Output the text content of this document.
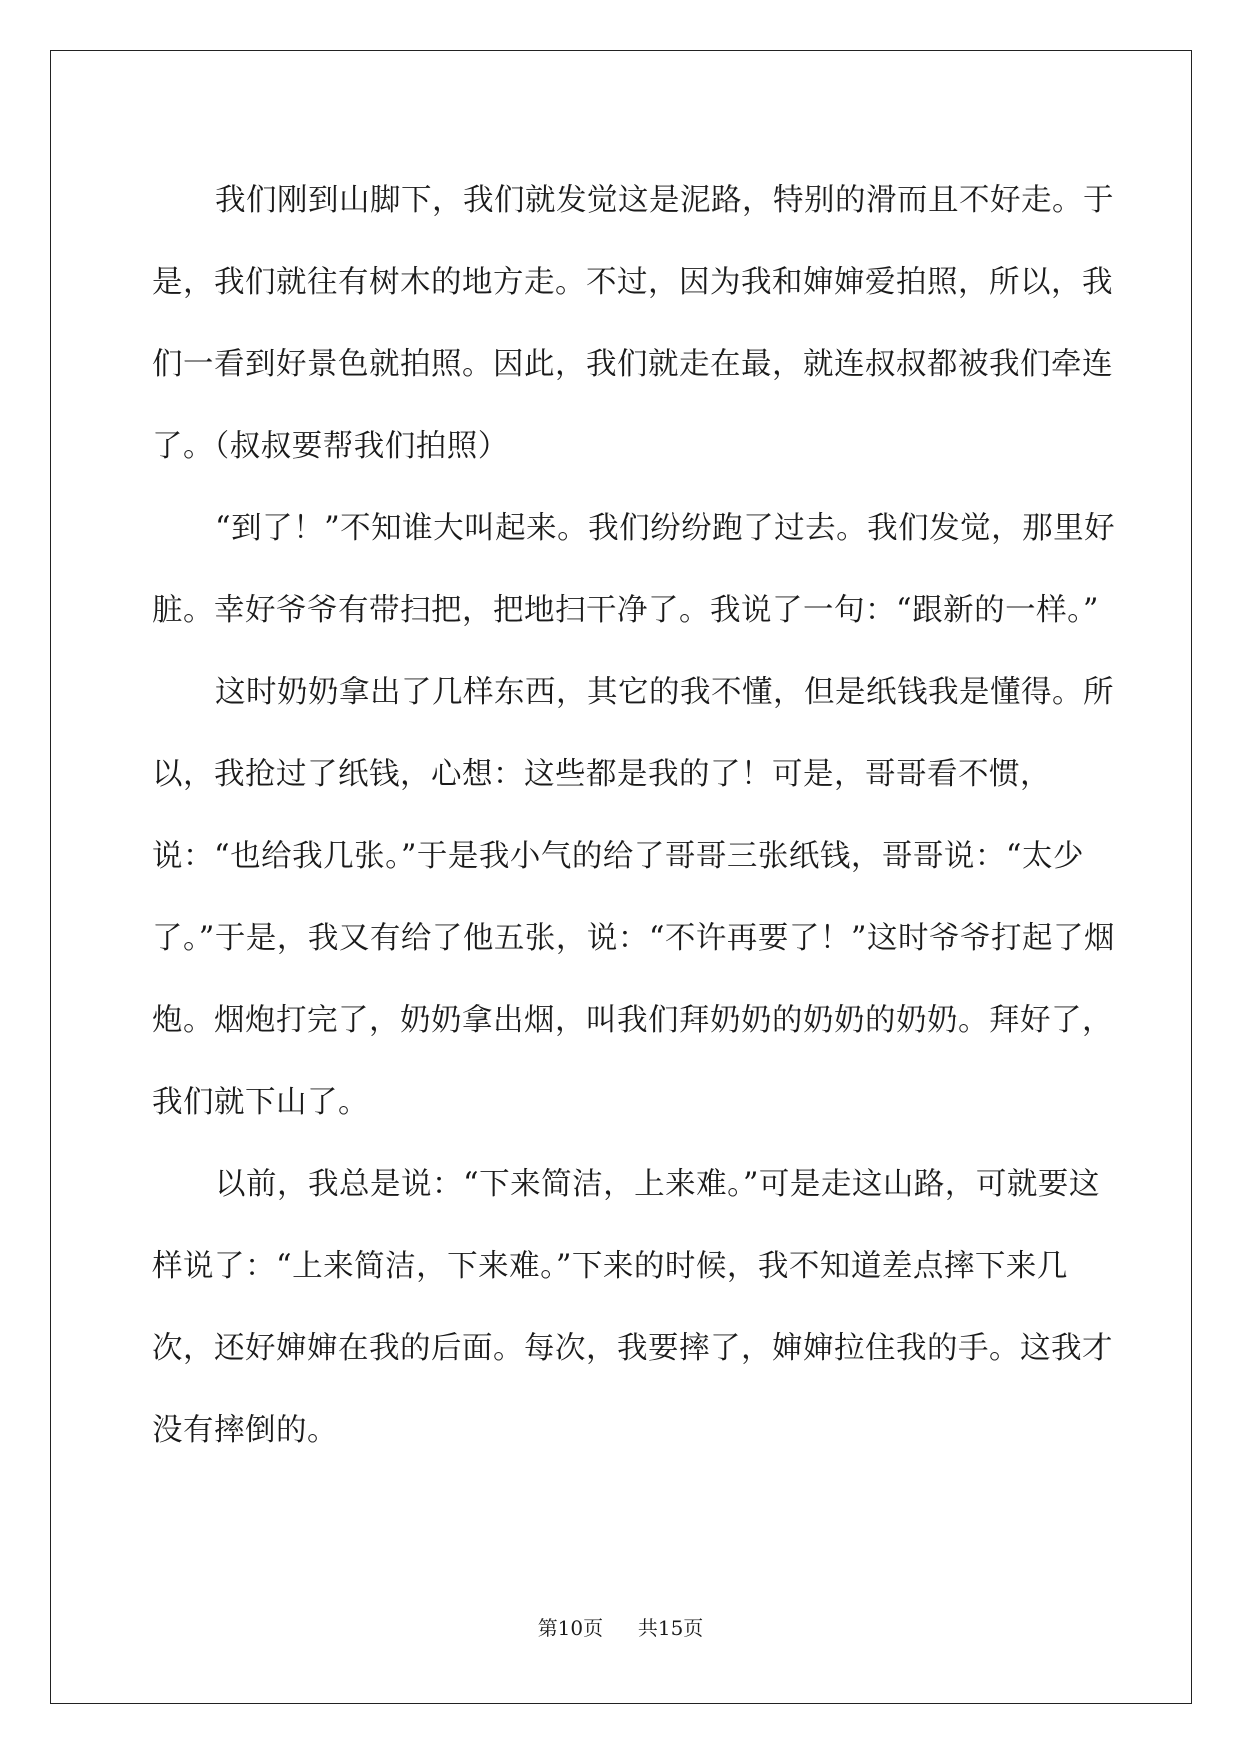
我们刚到山脚下，我们就发觉这是泥路，特别的滑而且不好走。于是，我们就往有树木的地方走。不过，因为我和婶婶爱拍照，所以，我们一看到好景色就拍照。因此，我们就走在最，就连叔叔都被我们牵连了。（叔叔要帮我们拍照）

“到了！”不知谁大叫起来。我们纷纷跑了过去。我们发觉，那里好脏。幸好爷爷有带扫把，把地扫干净了。我说了一句：“跟新的一样。”

这时奶奶拿出了几样东西，其它的我不懂，但是纸钱我是懂得。所以，我抢过了纸钱，心想：这些都是我的了！可是，哥哥看不惯，说：“也给我几张。”于是我小气的给了哥哥三张纸钱，哥哥说：“太少了。”于是，我又有给了他五张，说：“不许再要了！”这时爷爷打起了烟炮。烟炮打完了，奶奶拿出烟，叫我们拜奶奶的奶奶的奶奶。拜好了，我们就下山了。

以前，我总是说：“下来简洁，上来难。”可是走这山路，可就要这样说了：“上来简洁，下来难。”下来的时候，我不知道差点摔下来几次，还好婶婶在我的后面。每次，我要摔了，婶婶拉住我的手。这我才没有摔倒的。

第10页 共15页
